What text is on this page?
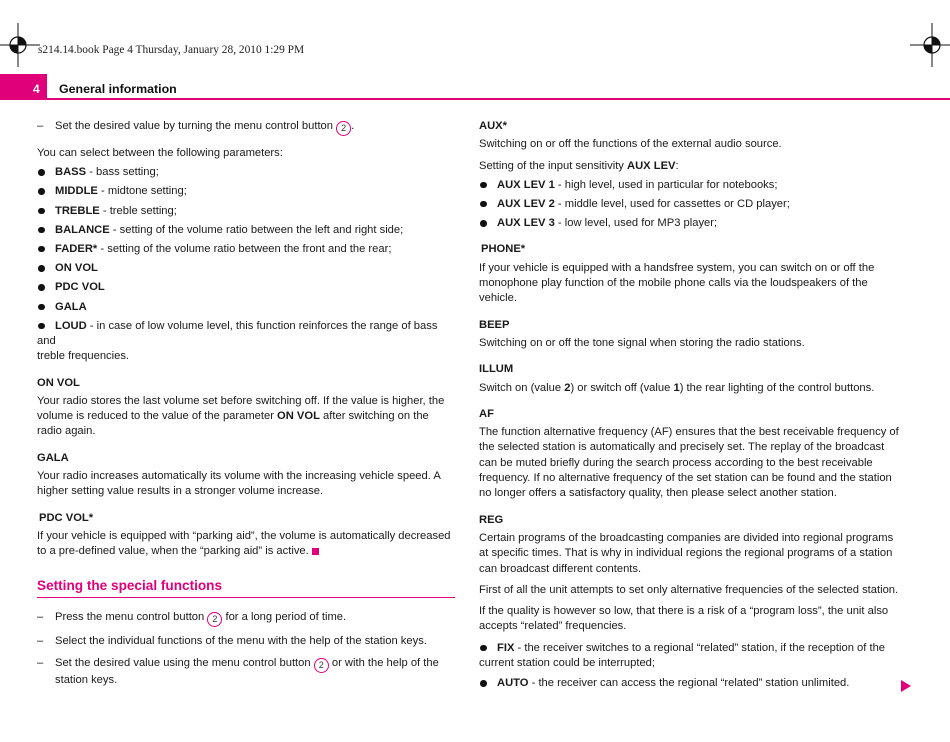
s214.14.book Page 4 Thursday, January 28, 2010 1:29 PM
4 General information

– Set the desired value by turning the menu control button 2 .

You can select between the following parameters:

BASS - bass setting;

MIDDLE - midtone setting;

TREBLE - treble setting;

BALANCE - setting of the volume ratio between the left and right side;

FADER* - setting of the volume ratio between the front and the rear;

ON VOL

PDC VOL

GALA

LOUD - in case of low volume level, this function reinforces the range of bass and
treble frequencies.

ON VOL

Your radio stores the last volume set before switching off. If the value is higher, the volume is reduced to the value of the parameter ON VOL after switching on the radio again.

GALA

Your radio increases automatically its volume with the increasing vehicle speed. A higher setting value results in a stronger volume increase.

PDC VOL*

If your vehicle is equipped with “parking aid”, the volume is automatically decreased to a pre-defined value, when the “parking aid” is active.

Setting the special functions

– Press the menu control button 2 for a long period of time.

– Select the individual functions of the menu with the help of the station keys.

– Set the desired value using the menu control button 2 or with the help of the station keys.

AUX*

Switching on or off the functions of the external audio source.

Setting of the input sensitivity AUX LEV:

AUX LEV 1 - high level, used in particular for notebooks;

AUX LEV 2 - middle level, used for cassettes or CD player;

AUX LEV 3 - low level, used for MP3 player;

PHONE*

If your vehicle is equipped with a handsfree system, you can switch on or off the monophone play function of the mobile phone calls via the loudspeakers of the vehicle.

BEEP

Switching on or off the tone signal when storing the radio stations.

ILLUM

Switch on (value 2) or switch off (value 1) the rear lighting of the control buttons.

AF

The function alternative frequency (AF) ensures that the best receivable frequency of the selected station is automatically and precisely set. The replay of the broadcast can be muted briefly during the search process according to the best receivable frequency. If no alternative frequency of the set station can be found and the station no longer offers a satisfactory quality, then please select another station.

REG

Certain programs of the broadcasting companies are divided into regional programs at specific times. That is why in individual regions the regional programs of a station can broadcast different contents.

First of all the unit attempts to set only alternative frequencies of the selected station.

If the quality is however so low, that there is a risk of a “program loss”, the unit also accepts “related” frequencies.

FIX - the receiver switches to a regional “related” station, if the reception of the
current station could be interrupted;

AUTO - the receiver can access the regional “related” station unlimited.
